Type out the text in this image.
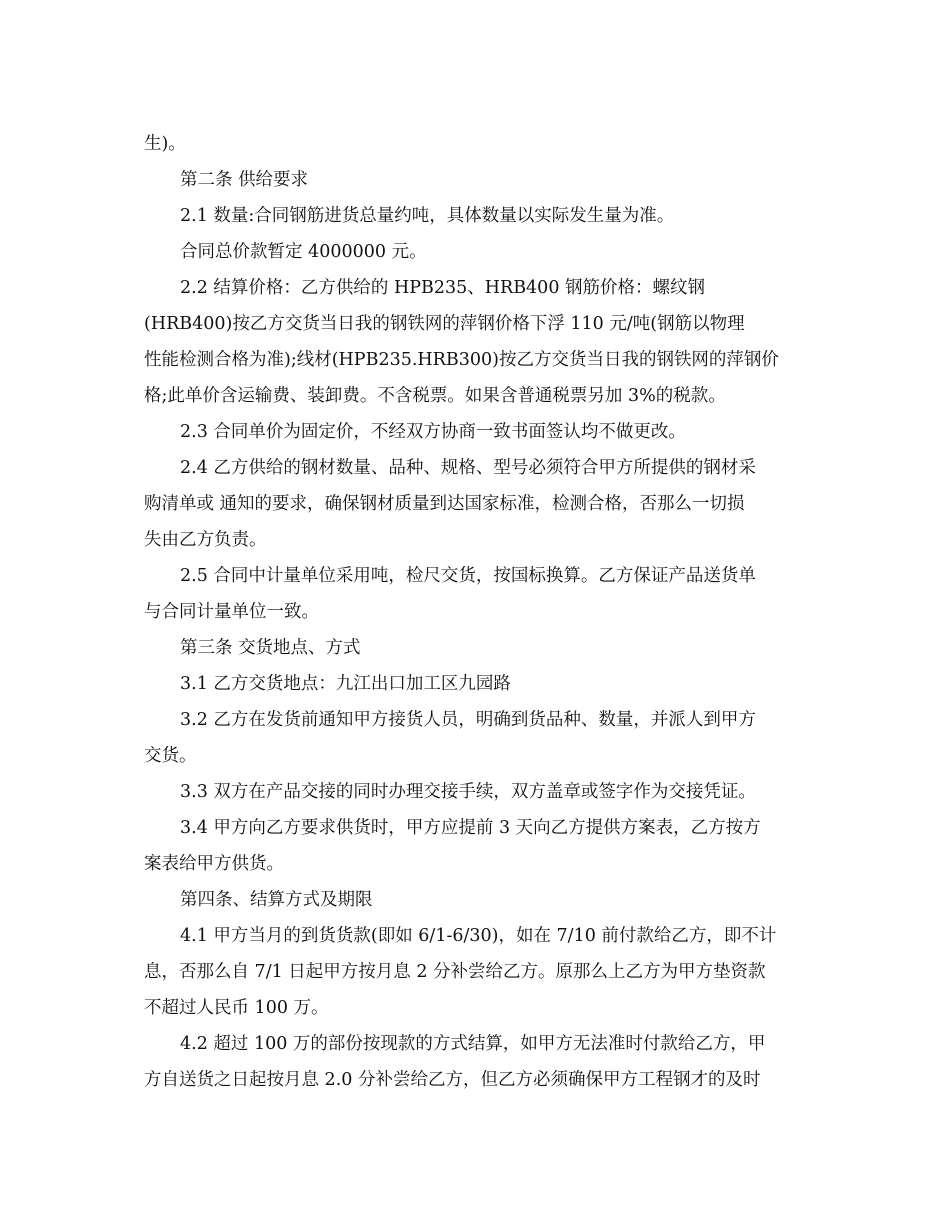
生)。
第二条 供给要求
2.1 数量:合同钢筋进货总量约吨，具体数量以实际发生量为准。
合同总价款暂定 4000000 元。
2.2 结算价格：乙方供给的 HPB235、HRB400 钢筋价格：螺纹钢
(HRB400)按乙方交货当日我的钢铁网的萍钢价格下浮 110 元/吨(钢筋以物理
性能检测合格为准);线材(HPB235.HRB300)按乙方交货当日我的钢铁网的萍钢价
格;此单价含运输费、装卸费。不含税票。如果含普通税票另加 3%的税款。
2.3 合同单价为固定价，不经双方协商一致书面签认均不做更改。
2.4 乙方供给的钢材数量、品种、规格、型号必须符合甲方所提供的钢材采
购清单或 通知的要求，确保钢材质量到达国家标准，检测合格，否那么一切损
失由乙方负责。
2.5 合同中计量单位采用吨，检尺交货，按国标换算。乙方保证产品送货单
与合同计量单位一致。
第三条 交货地点、方式
3.1 乙方交货地点：九江出口加工区九园路
3.2 乙方在发货前通知甲方接货人员，明确到货品种、数量，并派人到甲方
交货。
3.3 双方在产品交接的同时办理交接手续，双方盖章或签字作为交接凭证。
3.4 甲方向乙方要求供货时，甲方应提前 3 天向乙方提供方案表，乙方按方
案表给甲方供货。
第四条、结算方式及期限
4.1 甲方当月的到货货款(即如 6/1-6/30)，如在 7/10 前付款给乙方，即不计
息，否那么自 7/1 日起甲方按月息 2 分补尝给乙方。原那么上乙方为甲方垫资款
不超过人民币 100 万。
4.2 超过 100 万的部份按现款的方式结算，如甲方无法准时付款给乙方，甲
方自送货之日起按月息 2.0 分补尝给乙方，但乙方必须确保甲方工程钢才的及时
